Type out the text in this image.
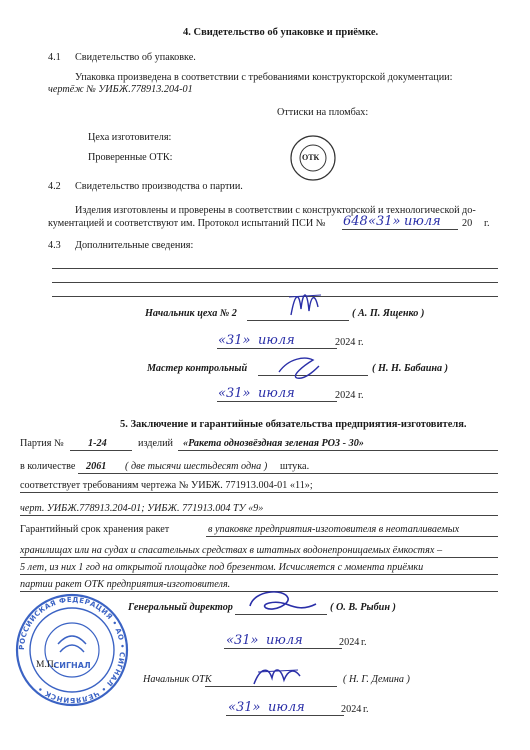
4. Свидетельство об упаковке и приёмке.
4.1 Свидетельство об упаковке.
Упаковка произведена в соответствии с требованиями конструкторской документации:
чертёж № УИБЖ.778913.204-01
Оттиски на пломбах:
Цеха изготовителя:
Проверенные ОТК:	ОТК
4.2 Свидетельство производства о партии.
Изделия изготовлены и проверены в соответствии с конструкторской и технологической до-
кументацией и соответствуют им. Протокол испытаний ПСИ № 648 «31» июля 20 г.
4.3 Дополнительные сведения:
Начальник цеха № 2	( А. П. Ященко )
«31» июля	2024 г.
Мастер контрольный	( Н. Н. Бабаина )
«31» июля	2024 г.
5. Заключение и гарантийные обязательства предприятия-изготовителя.
Партия № 1-24	изделий «Ракета однозвёздная зеленая РОЗ - 30»
в количестве 2061 ( две тысячи шестьдесят одна ) штука.
соответствует требованиям чертежа № УИБЖ. 771913.004-01 «11»;
черт. УИБЖ.778913.204-01; УИБЖ. 771913.004 ТУ «9»
Гарантийный срок хранения ракет	в упаковке предприятия-изготовителя в неотапливаемых
хранилищах или на судах и спасательных средствах в штатных водонепроницаемых ёмкостях –
5 лет, из них 1 год на открытой площадке под брезентом. Исчисляется с момента приёмки
партии ракет ОТК предприятия-изготовителя.
РОССИЙСКАЯ ФЕДЕРАЦИЯ • АО • СИГНАЛ • ЧЕЛЯБИНСК •
СИГНАЛ
М.П.
Генеральный директор	( О. В. Рыбин )
«31» июля	2024 г.
Начальник ОТК	( Н. Г. Демина )
«31» июля	2024 г.
